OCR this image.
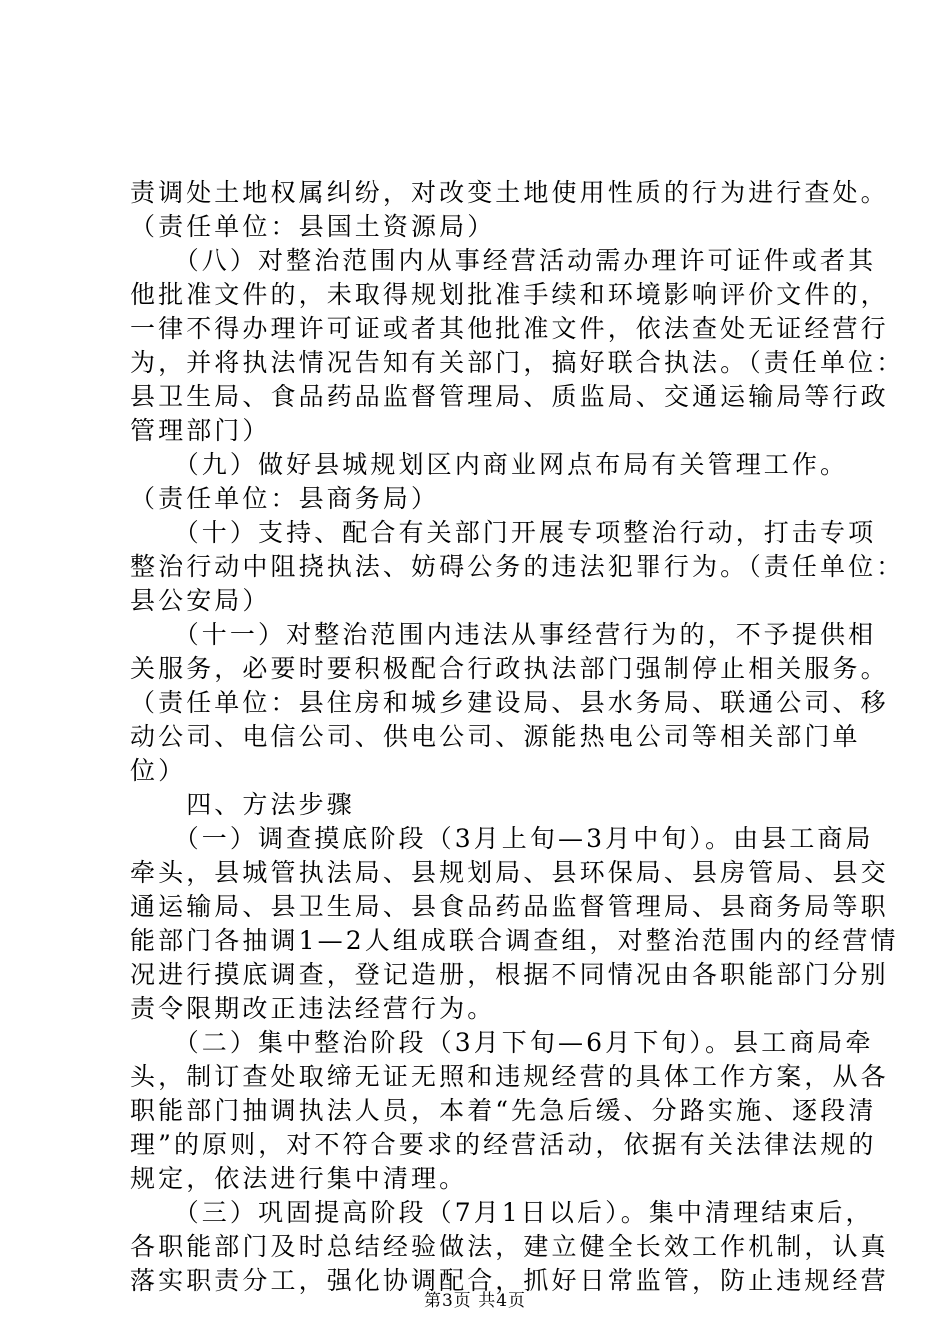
责调处土地权属纠纷，对改变土地使用性质的行为进行查处。
（责任单位：县国土资源局）
　　（八）对整治范围内从事经营活动需办理许可证件或者其
他批准文件的，未取得规划批准手续和环境影响评价文件的，
一律不得办理许可证或者其他批准文件，依法查处无证经营行
为，并将执法情况告知有关部门，搞好联合执法。（责任单位：
县卫生局、食品药品监督管理局、质监局、交通运输局等行政
管理部门）
　　（九）做好县城规划区内商业网点布局有关管理工作。
（责任单位：县商务局）
　　（十）支持、配合有关部门开展专项整治行动，打击专项
整治行动中阻挠执法、妨碍公务的违法犯罪行为。（责任单位：
县公安局）
　　（十一）对整治范围内违法从事经营行为的，不予提供相
关服务，必要时要积极配合行政执法部门强制停止相关服务。
（责任单位：县住房和城乡建设局、县水务局、联通公司、移
动公司、电信公司、供电公司、源能热电公司等相关部门单
位）
　　四、方法步骤
　　（一）调查摸底阶段（3月上旬—3月中旬）。由县工商局
牵头，县城管执法局、县规划局、县环保局、县房管局、县交
通运输局、县卫生局、县食品药品监督管理局、县商务局等职
能部门各抽调1—2人组成联合调查组，对整治范围内的经营情
况进行摸底调查，登记造册，根据不同情况由各职能部门分别
责令限期改正违法经营行为。
　　（二）集中整治阶段（3月下旬—6月下旬）。县工商局牵
头，制订查处取缔无证无照和违规经营的具体工作方案，从各
职能部门抽调执法人员，本着“先急后缓、分路实施、逐段清
理”的原则，对不符合要求的经营活动，依据有关法律法规的
规定，依法进行集中清理。
　　（三）巩固提高阶段（7月1日以后）。集中清理结束后，
各职能部门及时总结经验做法，建立健全长效工作机制，认真
落实职责分工，强化协调配合，抓好日常监管，防止违规经营
第3页 共4页
